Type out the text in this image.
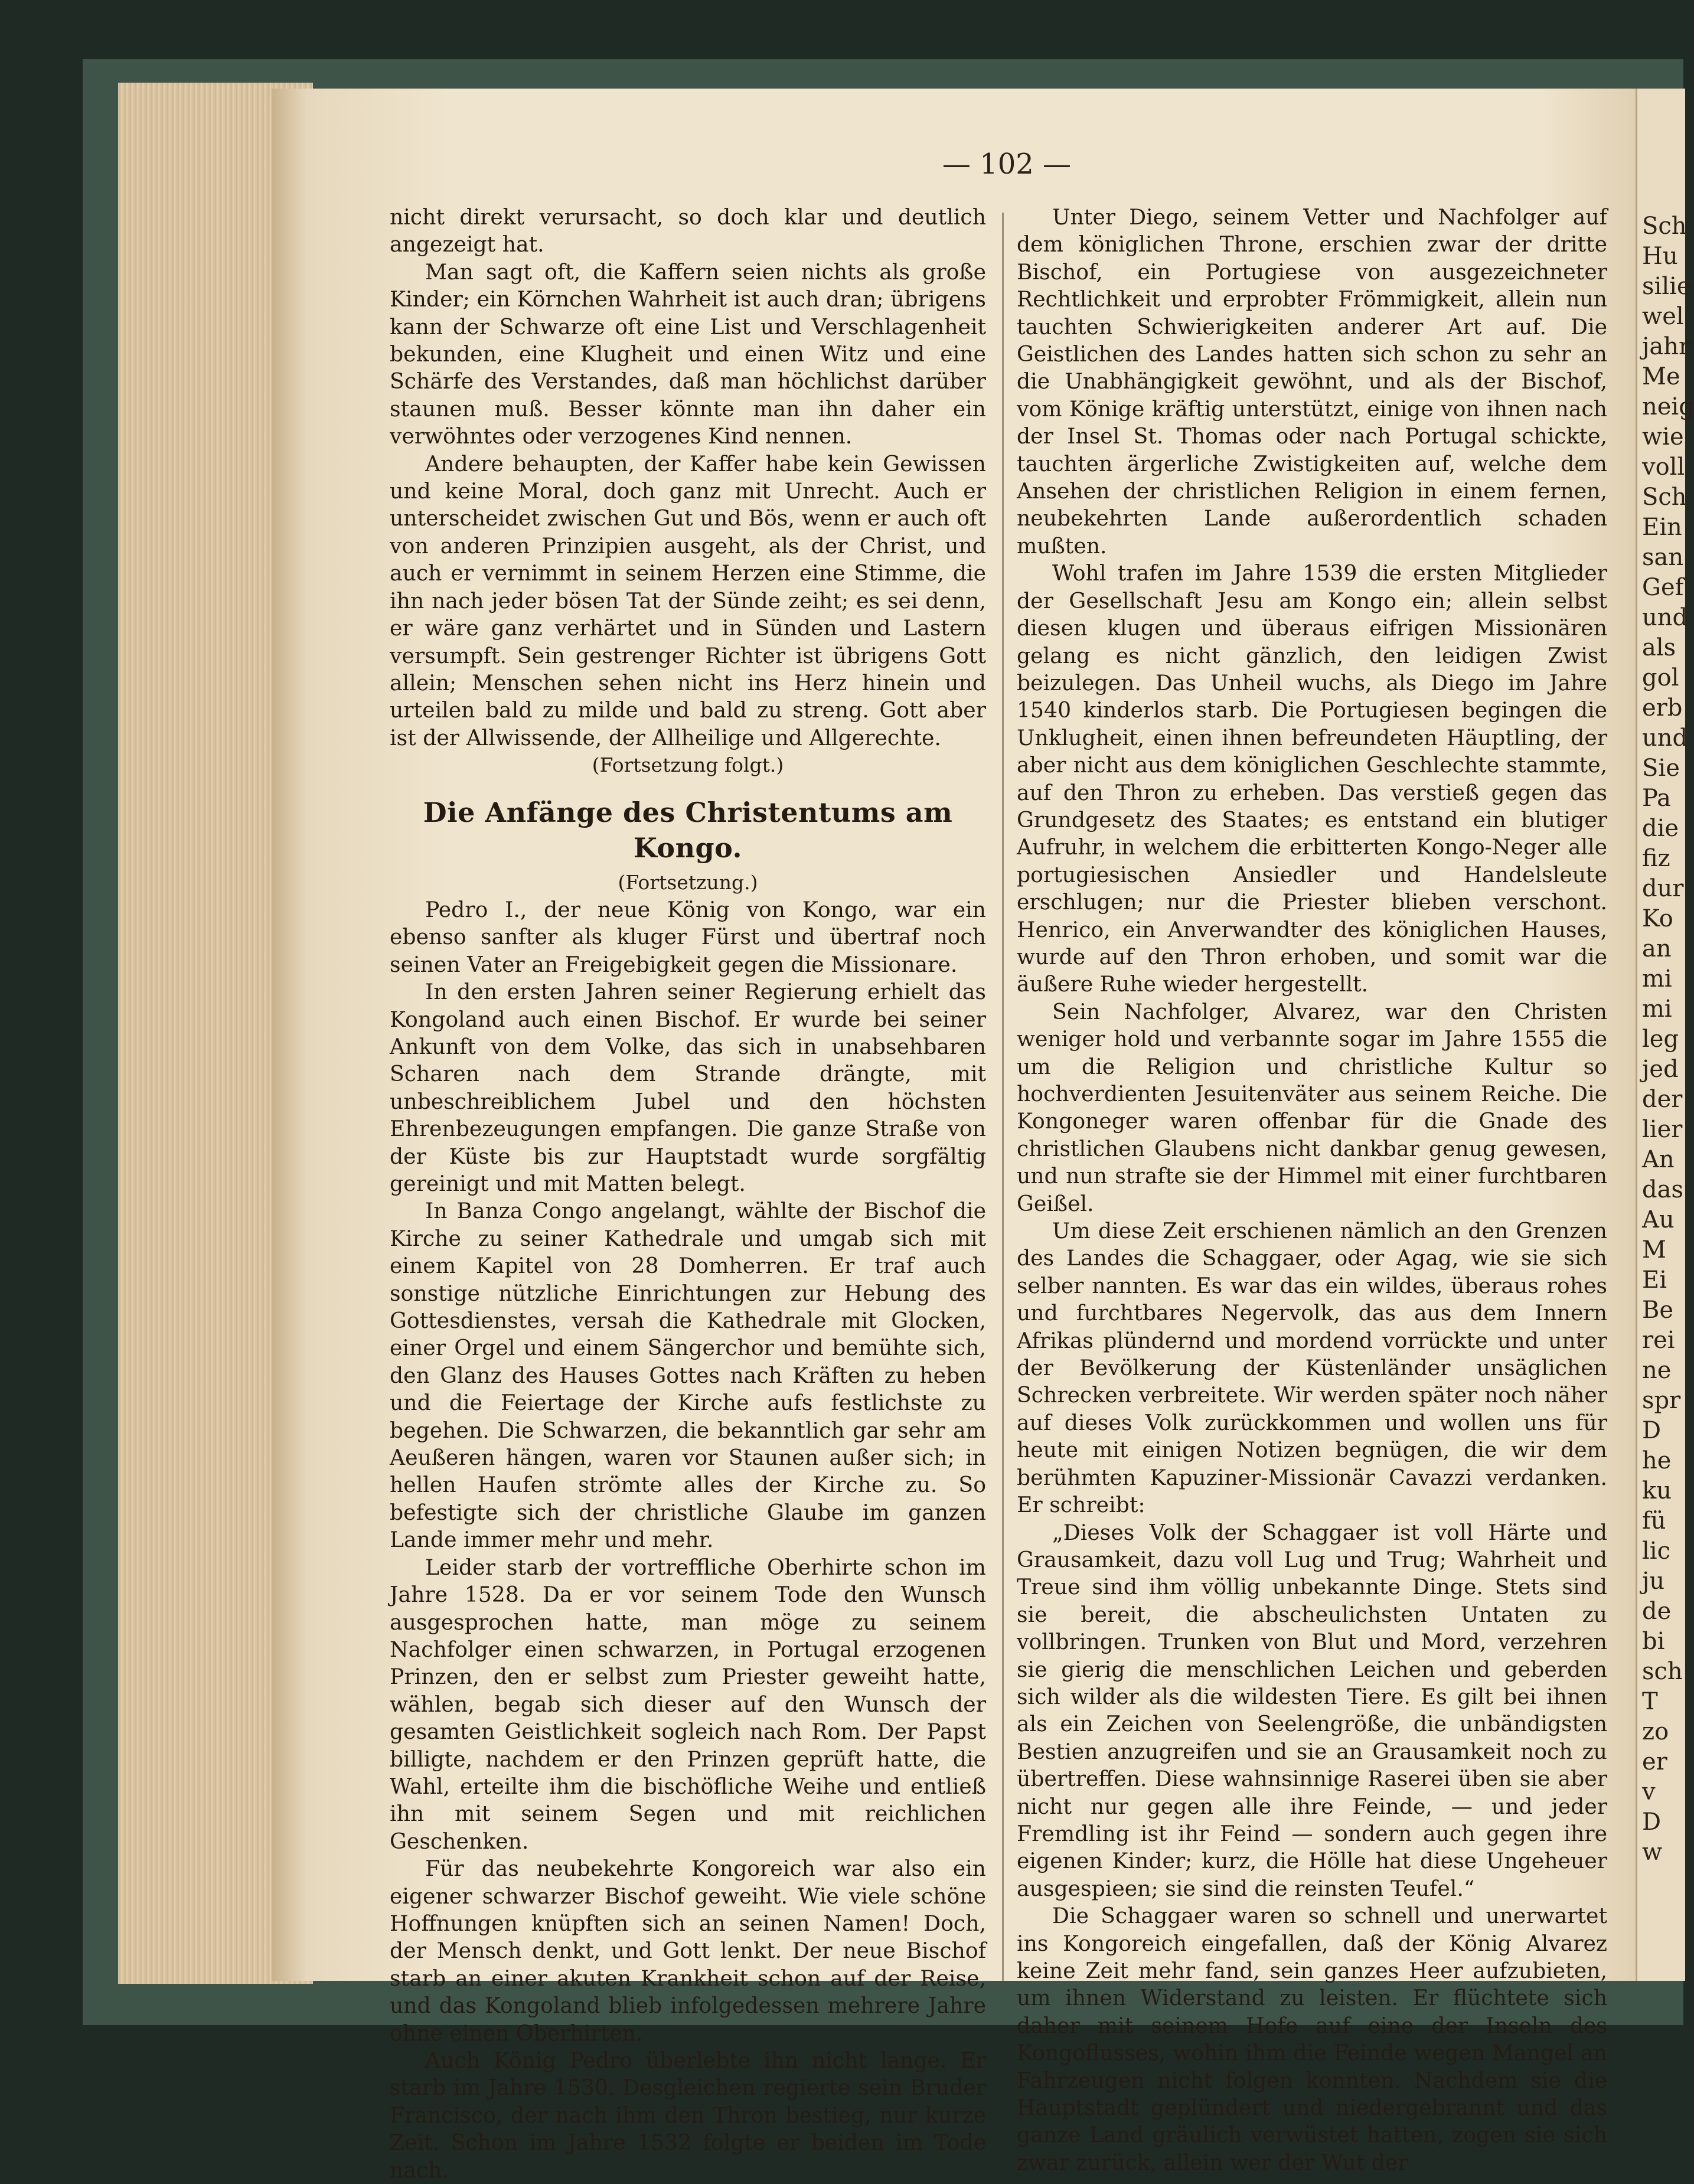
— 102 —

nicht direkt verursacht, so doch klar und deutlich angezeigt hat.

Man sagt oft, die Kaffern seien nichts als große Kinder; ein Körnchen Wahrheit ist auch dran; übrigens kann der Schwarze oft eine List und Verschlagenheit bekunden, eine Klugheit und einen Witz und eine Schärfe des Verstandes, daß man höchlichst darüber staunen muß. Besser könnte man ihn daher ein verwöhntes oder verzogenes Kind nennen.

Andere behaupten, der Kaffer habe kein Gewissen und keine Moral, doch ganz mit Unrecht. Auch er unterscheidet zwischen Gut und Bös, wenn er auch oft von anderen Prinzipien ausgeht, als der Christ, und auch er vernimmt in seinem Herzen eine Stimme, die ihn nach jeder bösen Tat der Sünde zeiht; es sei denn, er wäre ganz verhärtet und in Sünden und Lastern versumpft. Sein gestrenger Richter ist übrigens Gott allein; Menschen sehen nicht ins Herz hinein und urteilen bald zu milde und bald zu streng. Gott aber ist der Allwissende, der Allheilige und Allgerechte.

(Fortsetzung folgt.)

Die Anfänge des Christentums am Kongo.

(Fortsetzung.)

Pedro I., der neue König von Kongo, war ein ebenso sanfter als kluger Fürst und übertraf noch seinen Vater an Freigebigkeit gegen die Missionare.

In den ersten Jahren seiner Regierung erhielt das Kongoland auch einen Bischof. Er wurde bei seiner Ankunft von dem Volke, das sich in unabsehbaren Scharen nach dem Strande drängte, mit unbeschreiblichem Jubel und den höchsten Ehrenbezeugungen empfangen. Die ganze Straße von der Küste bis zur Hauptstadt wurde sorgfältig gereinigt und mit Matten belegt.

In Banza Congo angelangt, wählte der Bischof die Kirche zu seiner Kathedrale und umgab sich mit einem Kapitel von 28 Domherren. Er traf auch sonstige nützliche Einrichtungen zur Hebung des Gottesdienstes, versah die Kathedrale mit Glocken, einer Orgel und einem Sängerchor und bemühte sich, den Glanz des Hauses Gottes nach Kräften zu heben und die Feiertage der Kirche aufs festlichste zu begehen. Die Schwarzen, die bekanntlich gar sehr am Aeußeren hängen, waren vor Staunen außer sich; in hellen Haufen strömte alles der Kirche zu. So befestigte sich der christliche Glaube im ganzen Lande immer mehr und mehr.

Leider starb der vortreffliche Oberhirte schon im Jahre 1528. Da er vor seinem Tode den Wunsch ausgesprochen hatte, man möge zu seinem Nachfolger einen schwarzen, in Portugal erzogenen Prinzen, den er selbst zum Priester geweiht hatte, wählen, begab sich dieser auf den Wunsch der gesamten Geistlichkeit sogleich nach Rom. Der Papst billigte, nachdem er den Prinzen geprüft hatte, die Wahl, erteilte ihm die bischöfliche Weihe und entließ ihn mit seinem Segen und mit reichlichen Geschenken.

Für das neubekehrte Kongoreich war also ein eigener schwarzer Bischof geweiht. Wie viele schöne Hoffnungen knüpften sich an seinen Namen! Doch, der Mensch denkt, und Gott lenkt. Der neue Bischof starb an einer akuten Krankheit schon auf der Reise, und das Kongoland blieb infolgedessen mehrere Jahre ohne einen Oberhirten.

Auch König Pedro überlebte ihn nicht lange. Er starb im Jahre 1530. Desgleichen regierte sein Bruder Francisco, der nach ihm den Thron bestieg, nur kurze Zeit. Schon im Jahre 1532 folgte er beiden im Tode nach.

Unter Diego, seinem Vetter und Nachfolger auf dem königlichen Throne, erschien zwar der dritte Bischof, ein Portugiese von ausgezeichneter Rechtlichkeit und erprobter Frömmigkeit, allein nun tauchten Schwierigkeiten anderer Art auf. Die Geistlichen des Landes hatten sich schon zu sehr an die Unabhängigkeit gewöhnt, und als der Bischof, vom Könige kräftig unterstützt, einige von ihnen nach der Insel St. Thomas oder nach Portugal schickte, tauchten ärgerliche Zwistigkeiten auf, welche dem Ansehen der christlichen Religion in einem fernen, neubekehrten Lande außerordentlich schaden mußten.

Wohl trafen im Jahre 1539 die ersten Mitglieder der Gesellschaft Jesu am Kongo ein; allein selbst diesen klugen und überaus eifrigen Missionären gelang es nicht gänzlich, den leidigen Zwist beizulegen. Das Unheil wuchs, als Diego im Jahre 1540 kinderlos starb. Die Portugiesen begingen die Unklugheit, einen ihnen befreundeten Häuptling, der aber nicht aus dem königlichen Geschlechte stammte, auf den Thron zu erheben. Das verstieß gegen das Grundgesetz des Staates; es entstand ein blutiger Aufruhr, in welchem die erbitterten Kongo-Neger alle portugiesischen Ansiedler und Handelsleute erschlugen; nur die Priester blieben verschont. Henrico, ein Anverwandter des königlichen Hauses, wurde auf den Thron erhoben, und somit war die äußere Ruhe wieder hergestellt.

Sein Nachfolger, Alvarez, war den Christen weniger hold und verbannte sogar im Jahre 1555 die um die Religion und christliche Kultur so hochverdienten Jesuitenväter aus seinem Reiche. Die Kongoneger waren offenbar für die Gnade des christlichen Glaubens nicht dankbar genug gewesen, und nun strafte sie der Himmel mit einer furchtbaren Geißel.

Um diese Zeit erschienen nämlich an den Grenzen des Landes die Schaggaer, oder Agag, wie sie sich selber nannten. Es war das ein wildes, überaus rohes und furchtbares Negervolk, das aus dem Innern Afrikas plündernd und mordend vorrückte und unter der Bevölkerung der Küstenländer unsäglichen Schrecken verbreitete. Wir werden später noch näher auf dieses Volk zurückkommen und wollen uns für heute mit einigen Notizen begnügen, die wir dem berühmten Kapuziner-Missionär Cavazzi verdanken. Er schreibt:

„Dieses Volk der Schaggaer ist voll Härte und Grausamkeit, dazu voll Lug und Trug; Wahrheit und Treue sind ihm völlig unbekannte Dinge. Stets sind sie bereit, die abscheulichsten Untaten zu vollbringen. Trunken von Blut und Mord, verzehren sie gierig die menschlichen Leichen und geberden sich wilder als die wildesten Tiere. Es gilt bei ihnen als ein Zeichen von Seelengröße, die unbändigsten Bestien anzugreifen und sie an Grausamkeit noch zu übertreffen. Diese wahnsinnige Raserei üben sie aber nicht nur gegen alle ihre Feinde, — und jeder Fremdling ist ihr Feind — sondern auch gegen ihre eigenen Kinder; kurz, die Hölle hat diese Ungeheuer ausgespieen; sie sind die reinsten Teufel.“

Die Schaggaer waren so schnell und unerwartet ins Kongoreich eingefallen, daß der König Alvarez keine Zeit mehr fand, sein ganzes Heer aufzubieten, um ihnen Widerstand zu leisten. Er flüchtete sich daher mit seinem Hofe auf eine der Inseln des Kongoflusses, wohin ihm die Feinde wegen Mangel an Fahrzeugen nicht folgen konnten. Nachdem sie die Hauptstadt geplündert und niedergebrannt und das ganze Land gräulich verwüstet hatten, zogen sie sich zwar zurück, allein wer der Wut der

Sch
Hu
silie
wel
jahr
Me
neig
wie
voll
Sch
Ein
san
Gef
und
als
gol
erb
und
Sie
Pa
die
fiz
dur
Ko
an
mi
mi
leg
jed
der
lier
An
das
Au
M
Ei
Be
rei
ne
spr
D
he
ku
fü
lic
ju
de
bi
sch
T
zo
er
v
D
w
